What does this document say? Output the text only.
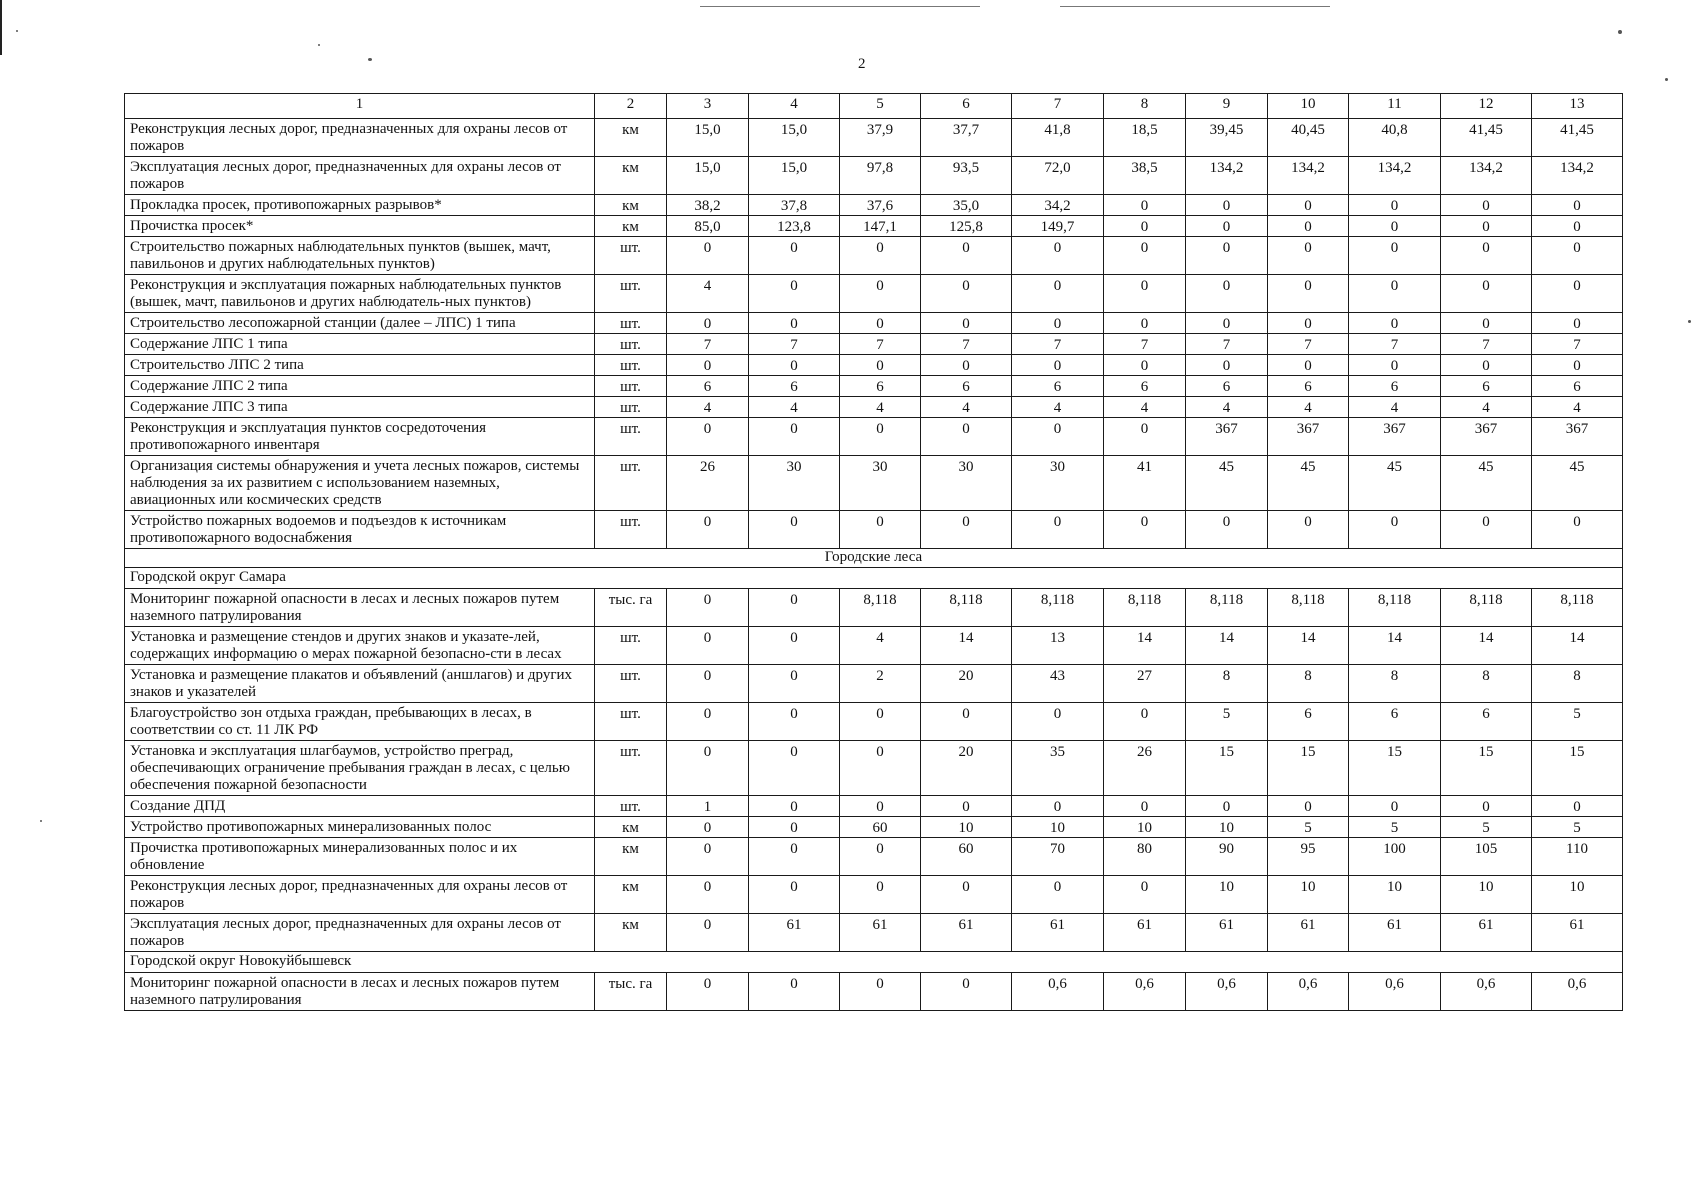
2
1	2	3	4	5	6	7	8	9	10	11	12	13
Реконструкция лесных дорог, предназначенных для охраны лесов от пожаров	км	15,0	15,0	37,9	37,7	41,8	18,5	39,45	40,45	40,8	41,45	41,45
Эксплуатация лесных дорог, предназначенных для охраны лесов от пожаров	км	15,0	15,0	97,8	93,5	72,0	38,5	134,2	134,2	134,2	134,2	134,2
Прокладка просек, противопожарных разрывов*	км	38,2	37,8	37,6	35,0	34,2	0	0	0	0	0	0
Прочистка просек*	км	85,0	123,8	147,1	125,8	149,7	0	0	0	0	0	0
Строительство пожарных наблюдательных пунктов (вышек, мачт, павильонов и других наблюдательных пунктов)	шт.	0	0	0	0	0	0	0	0	0	0	0
Реконструкция и эксплуатация пожарных наблюдательных пунктов (вышек, мачт, павильонов и других наблюдатель-ных пунктов)	шт.	4	0	0	0	0	0	0	0	0	0	0
Строительство лесопожарной станции (далее – ЛПС) 1 типа	шт.	0	0	0	0	0	0	0	0	0	0	0
Содержание ЛПС 1 типа	шт.	7	7	7	7	7	7	7	7	7	7	7
Строительство ЛПС 2 типа	шт.	0	0	0	0	0	0	0	0	0	0	0
Содержание ЛПС 2 типа	шт.	6	6	6	6	6	6	6	6	6	6	6
Содержание ЛПС 3 типа	шт.	4	4	4	4	4	4	4	4	4	4	4
Реконструкция и эксплуатация пунктов сосредоточения противопожарного инвентаря	шт.	0	0	0	0	0	0	367	367	367	367	367
Организация системы обнаружения и учета лесных пожаров, системы наблюдения за их развитием с использованием наземных, авиационных или космических средств	шт.	26	30	30	30	30	41	45	45	45	45	45
Устройство пожарных водоемов и подъездов к источникам противопожарного водоснабжения	шт.	0	0	0	0	0	0	0	0	0	0	0
Городские леса												
Городской округ Самара												
Мониторинг пожарной опасности в лесах и лесных пожаров путем наземного патрулирования	тыс. га	0	0	8,118	8,118	8,118	8,118	8,118	8,118	8,118	8,118	8,118
Установка и размещение стендов и других знаков и указате-лей, содержащих информацию о мерах пожарной безопасно-сти в лесах	шт.	0	0	4	14	13	14	14	14	14	14	14
Установка и размещение плакатов и объявлений (аншлагов) и других знаков и указателей	шт.	0	0	2	20	43	27	8	8	8	8	8
Благоустройство зон отдыха граждан, пребывающих в лесах, в соответствии со ст. 11 ЛК РФ	шт.	0	0	0	0	0	0	5	6	6	6	5
Установка и эксплуатация шлагбаумов, устройство преград, обеспечивающих ограничение пребывания граждан в лесах, с целью обеспечения пожарной безопасности	шт.	0	0	0	20	35	26	15	15	15	15	15
Создание ДПД	шт.	1	0	0	0	0	0	0	0	0	0	0
Устройство противопожарных минерализованных полос	км	0	0	60	10	10	10	10	5	5	5	5
Прочистка противопожарных минерализованных полос и их обновление	км	0	0	0	60	70	80	90	95	100	105	110
Реконструкция лесных дорог, предназначенных для охраны лесов от пожаров	км	0	0	0	0	0	0	10	10	10	10	10
Эксплуатация лесных дорог, предназначенных для охраны лесов от пожаров	км	0	61	61	61	61	61	61	61	61	61	61
Городской округ Новокуйбышевск												
Мониторинг пожарной опасности в лесах и лесных пожаров путем наземного патрулирования	тыс. га	0	0	0	0	0,6	0,6	0,6	0,6	0,6	0,6	0,6
